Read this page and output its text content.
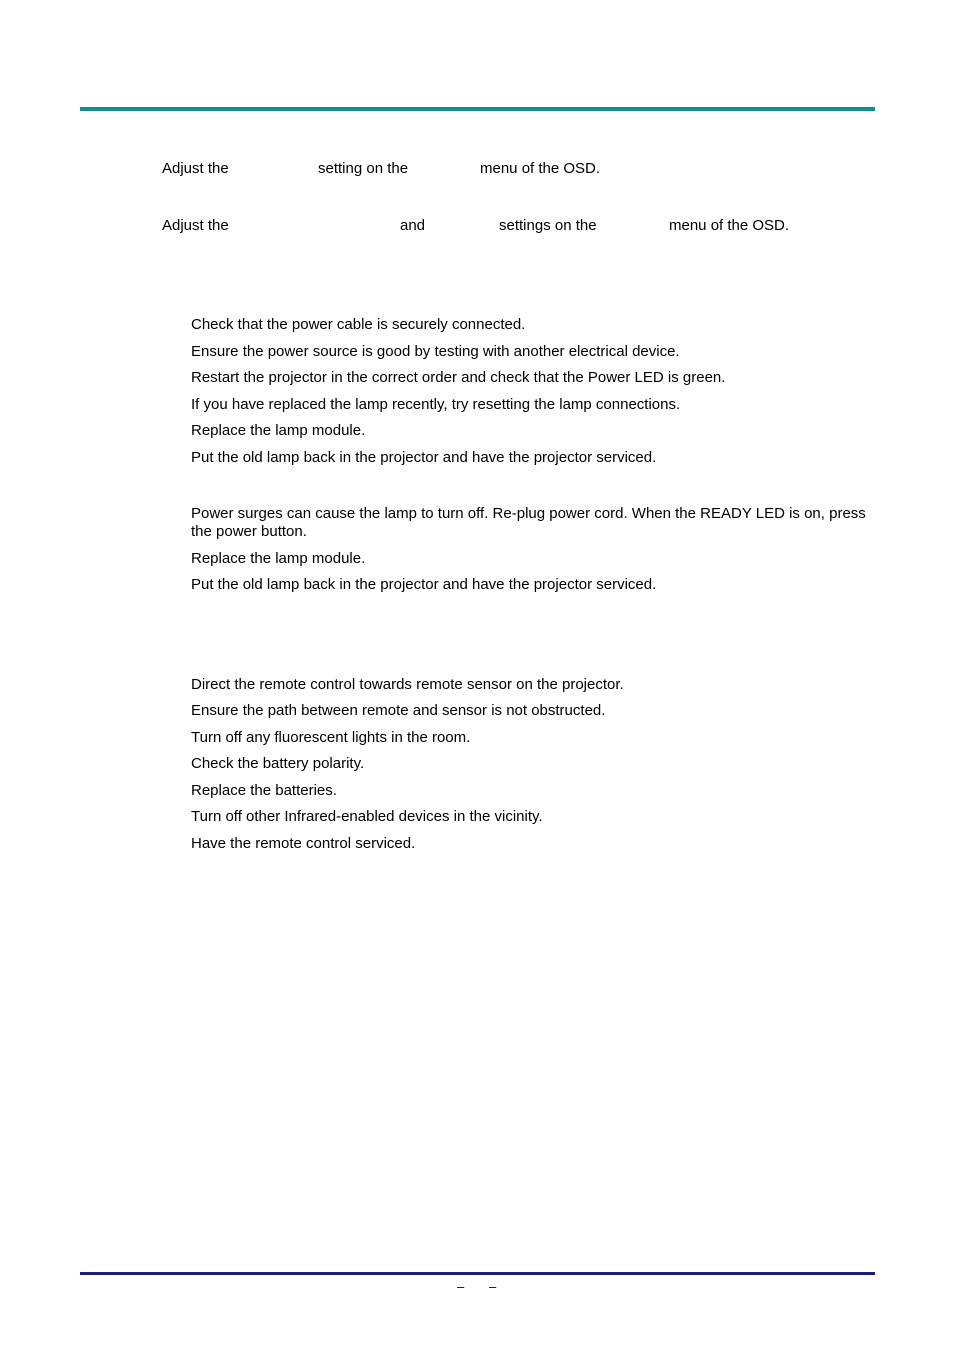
Adjust the	setting on the	menu of the OSD.
Adjust the	and	settings on the	menu of the OSD.
Check that the power cable is securely connected.
Ensure the power source is good by testing with another electrical device.
Restart the projector in the correct order and check that the Power LED is green.
If you have replaced the lamp recently, try resetting the lamp connections.
Replace the lamp module.
Put the old lamp back in the projector and have the projector serviced.
Power surges can cause the lamp to turn off. Re-plug power cord. When the READY LED is on, press the power button.
Replace the lamp module.
Put the old lamp back in the projector and have the projector serviced.
Direct the remote control towards remote sensor on the projector.
Ensure the path between remote and sensor is not obstructed.
Turn off any fluorescent lights in the room.
Check the battery polarity.
Replace the batteries.
Turn off other Infrared-enabled devices in the vicinity.
Have the remote control serviced.
– –
